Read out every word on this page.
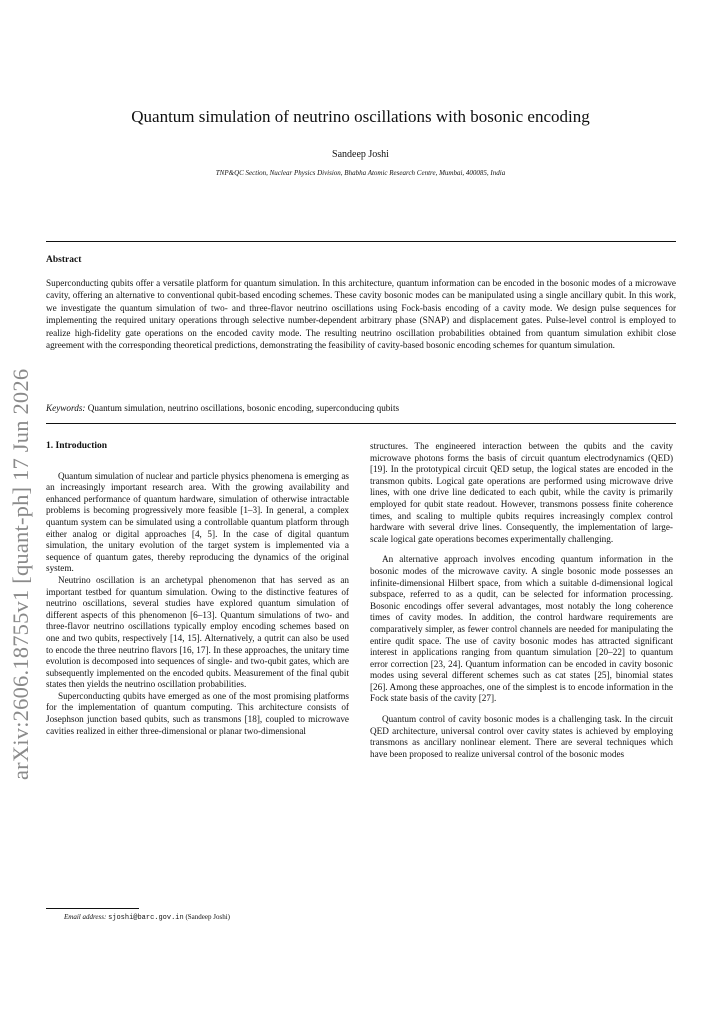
arXiv:2606.18755v1 [quant-ph] 17 Jun 2026
Quantum simulation of neutrino oscillations with bosonic encoding
Sandeep Joshi
TNP&QC Section, Nuclear Physics Division, Bhabha Atomic Research Centre, Mumbai, 400085, India
Abstract
Superconducting qubits offer a versatile platform for quantum simulation. In this architecture, quantum information can be encoded in the bosonic modes of a microwave cavity, offering an alternative to conventional qubit-based encoding schemes. These cavity bosonic modes can be manipulated using a single ancillary qubit. In this work, we investigate the quantum simulation of two- and three-flavor neutrino oscillations using Fock-basis encoding of a cavity mode. We design pulse sequences for implementing the required unitary operations through selective number-dependent arbitrary phase (SNAP) and displacement gates. Pulse-level control is employed to realize high-fidelity gate operations on the encoded cavity mode. The resulting neutrino oscillation probabilities obtained from quantum simulation exhibit close agreement with the corresponding theoretical predictions, demonstrating the feasibility of cavity-based bosonic encoding schemes for quantum simulation.
Keywords: Quantum simulation, neutrino oscillations, bosonic encoding, superconducing qubits
1. Introduction

Quantum simulation of nuclear and particle physics phenomena is emerging as an increasingly important research area. With the growing availability and enhanced performance of quantum hardware, simulation of otherwise intractable problems is becoming progressively more feasible [1–3]. In general, a complex quantum system can be simulated using a controllable quantum platform through either analog or digital approaches [4, 5]. In the case of digital quantum simulation, the unitary evolution of the target system is implemented via a sequence of quantum gates, thereby reproducing the dynamics of the original system.

Neutrino oscillation is an archetypal phenomenon that has served as an important testbed for quantum simulation. Owing to the distinctive features of neutrino oscillations, several studies have explored quantum simulation of different aspects of this phenomenon [6–13]. Quantum simulations of two- and three-flavor neutrino oscillations typically employ encoding schemes based on one and two qubits, respectively [14, 15]. Alternatively, a qutrit can also be used to encode the three neutrino flavors [16, 17]. In these approaches, the unitary time evolution is decomposed into sequences of single- and two-qubit gates, which are subsequently implemented on the encoded qubits. Measurement of the final qubit states then yields the neutrino oscillation probabilities.

Superconducting qubits have emerged as one of the most promising platforms for the implementation of quantum computing. This architecture consists of Josephson junction based qubits, such as transmons [18], coupled to microwave cavities realized in either three-dimensional or planar two-dimensional

structures. The engineered interaction between the qubits and the cavity microwave photons forms the basis of circuit quantum electrodynamics (QED) [19]. In the prototypical circuit QED setup, the logical states are encoded in the transmon qubits. Logical gate operations are performed using microwave drive lines, with one drive line dedicated to each qubit, while the cavity is primarily employed for qubit state readout. However, transmons possess finite coherence times, and scaling to multiple qubits requires increasingly complex control hardware with several drive lines. Consequently, the implementation of large-scale logical gate operations becomes experimentally challenging.

An alternative approach involves encoding quantum information in the bosonic modes of the microwave cavity. A single bosonic mode possesses an infinite-dimensional Hilbert space, from which a suitable d-dimensional logical subspace, referred to as a qudit, can be selected for information processing. Bosonic encodings offer several advantages, most notably the long coherence times of cavity modes. In addition, the control hardware requirements are comparatively simpler, as fewer control channels are needed for manipulating the entire qudit space. The use of cavity bosonic modes has attracted significant interest in applications ranging from quantum simulation [20–22] to quantum error correction [23, 24]. Quantum information can be encoded in cavity bosonic modes using several different schemes such as cat states [25], binomial states [26]. Among these approaches, one of the simplest is to encode information in the Fock state basis of the cavity [27].

Quantum control of cavity bosonic modes is a challenging task. In the circuit QED architecture, universal control over cavity states is achieved by employing transmons as ancillary nonlinear element. There are several techniques which have been proposed to realize universal control of the bosonic modes

Email address: sjoshi@barc.gov.in (Sandeep Joshi)
